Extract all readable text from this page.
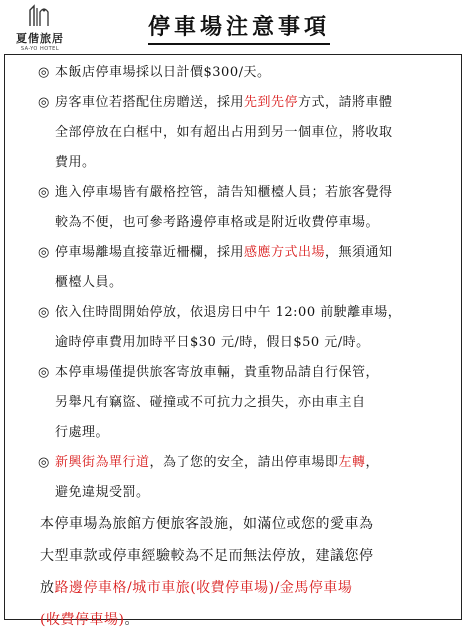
夏偕旅居
SA-YO HOTEL
停車場注意事項
◎ 本飯店停車場採以日計價$300/天。
◎ 房客車位若搭配住房贈送，採用先到先停方式，請將車體
全部停放在白框中，如有超出占用到另一個車位，將收取
費用。
◎ 進入停車場皆有嚴格控管，請告知櫃檯人員；若旅客覺得
較為不便，也可參考路邊停車格或是附近收費停車場。
◎ 停車場離場直接靠近柵欄，採用感應方式出場，無須通知
櫃檯人員。
◎ 依入住時間開始停放，依退房日中午 12:00 前駛離車場，
逾時停車費用加時平日$30 元/時，假日$50 元/時。
◎ 本停車場僅提供旅客寄放車輛，貴重物品請自行保管，
另舉凡有竊盜、碰撞或不可抗力之損失，亦由車主自
行處理。
◎ 新興街為單行道，為了您的安全，請出停車場即左轉，
避免違規受罰。
本停車場為旅館方便旅客設施，如滿位或您的愛車為
大型車款或停車經驗較為不足而無法停放，建議您停
放路邊停車格/城市車旅(收費停車場)/金馬停車場
(收費停車場)。
